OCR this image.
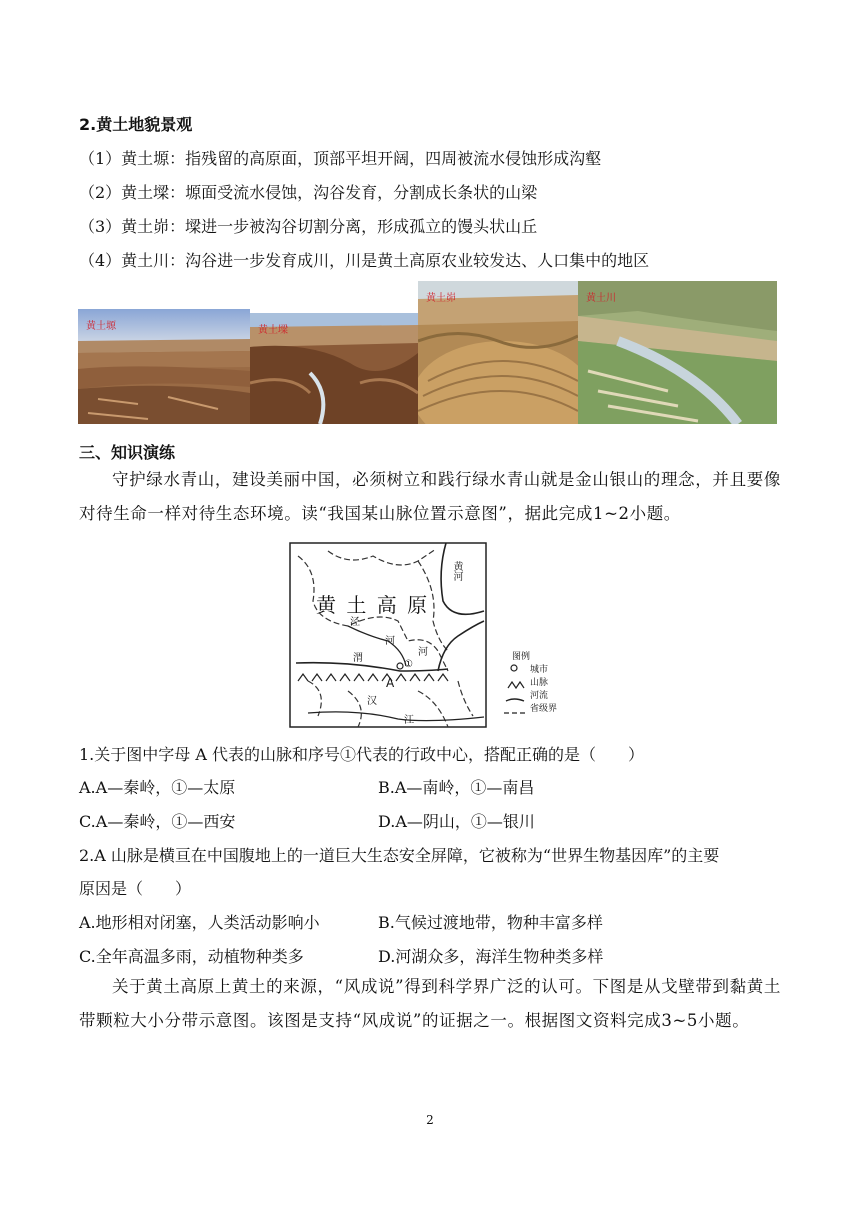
2.黄土地貌景观
（1）黄土塬：指残留的高原面，顶部平坦开阔，四周被流水侵蚀形成沟壑
（2）黄土墚：塬面受流水侵蚀，沟谷发育，分割成长条状的山梁
（3）黄土峁：墚进一步被沟谷切割分离，形成孤立的馒头状山丘
（4）黄土川：沟谷进一步发育成川，川是黄土高原农业较发达、人口集中的地区
黄土塬	黄土墚
黄土峁	黄土川
三、知识演练
守护绿水青山，建设美丽中国，必须树立和践行绿水青山就是金山银山的理念，并且要像对待生命一样对待生态环境。读“我国某山脉位置示意图”，据此完成1~2小题。
黄 土 高 原
黄河
泾
河
渭
河
汉
江
A
①
图例
城市
山脉
河流
省级界
1.关于图中字母 A 代表的山脉和序号①代表的行政中心，搭配正确的是（　　）
A.A—秦岭，①—太原	B.A—南岭，①—南昌
C.A—秦岭，①—西安	D.A—阴山，①—银川
2.A 山脉是横亘在中国腹地上的一道巨大生态安全屏障，它被称为“世界生物基因库”的主要
原因是（　　）
A.地形相对闭塞，人类活动影响小	B.气候过渡地带，物种丰富多样
C.全年高温多雨，动植物种类多	D.河湖众多，海洋生物种类多样
关于黄土高原上黄土的来源，“风成说”得到科学界广泛的认可。下图是从戈壁带到黏黄土带颗粒大小分带示意图。该图是支持“风成说”的证据之一。根据图文资料完成3~5小题。
2
